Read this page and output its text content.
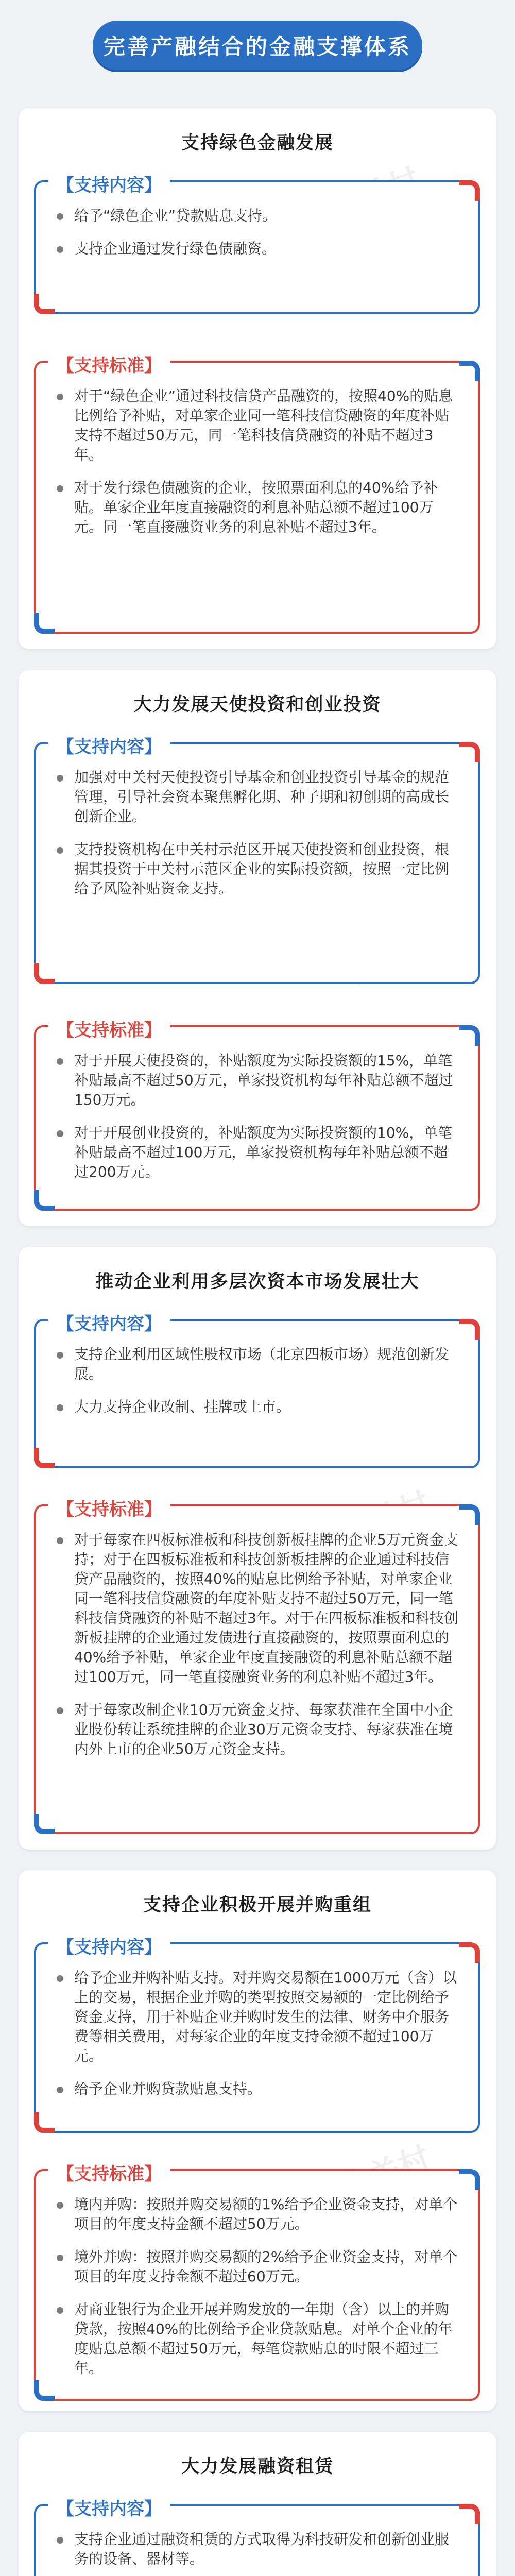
完善产融结合的金融支撑体系
支持绿色金融发展
【支持内容】
给予“绿色企业”贷款贴息支持。
支持企业通过发行绿色债融资。
【支持标准】
对于“绿色企业”通过科技信贷产品融资的，按照40%的贴息比例给予补贴，对单家企业同一笔科技信贷融资的年度补贴支持不超过50万元，同一笔科技信贷融资的补贴不超过3年。
对于发行绿色债融资的企业，按照票面利息的40%给予补贴。单家企业年度直接融资的利息补贴总额不超过100万元。同一笔直接融资业务的利息补贴不超过3年。
大力发展天使投资和创业投资
【支持内容】
加强对中关村天使投资引导基金和创业投资引导基金的规范管理，引导社会资本聚焦孵化期、种子期和初创期的高成长创新企业。
支持投资机构在中关村示范区开展天使投资和创业投资，根据其投资于中关村示范区企业的实际投资额，按照一定比例给予风险补贴资金支持。
【支持标准】
对于开展天使投资的，补贴额度为实际投资额的15%，单笔补贴最高不超过50万元，单家投资机构每年补贴总额不超过150万元。
对于开展创业投资的，补贴额度为实际投资额的10%，单笔补贴最高不超过100万元，单家投资机构每年补贴总额不超过200万元。
推动企业利用多层次资本市场发展壮大
【支持内容】
支持企业利用区域性股权市场（北京四板市场）规范创新发展。
大力支持企业改制、挂牌或上市。
【支持标准】
对于每家在四板标准板和科技创新板挂牌的企业5万元资金支持；对于在四板标准板和科技创新板挂牌的企业通过科技信贷产品融资的，按照40%的贴息比例给予补贴，对单家企业同一笔科技信贷融资的年度补贴支持不超过50万元，同一笔科技信贷融资的补贴不超过3年。对于在四板标准板和科技创新板挂牌的企业通过发债进行直接融资的，按照票面利息的40%给予补贴，单家企业年度直接融资的利息补贴总额不超过100万元，同一笔直接融资业务的利息补贴不超过3年。
对于每家改制企业10万元资金支持、每家获准在全国中小企业股份转让系统挂牌的企业30万元资金支持、每家获准在境内外上市的企业50万元资金支持。
支持企业积极开展并购重组
【支持内容】
给予企业并购补贴支持。对并购交易额在1000万元（含）以上的交易，根据企业并购的类型按照交易额的一定比例给予资金支持，用于补贴企业并购时发生的法律、财务中介服务费等相关费用，对每家企业的年度支持金额不超过100万元。
给予企业并购贷款贴息支持。
【支持标准】
境内并购：按照并购交易额的1%给予企业资金支持，对单个项目的年度支持金额不超过50万元。
境外并购：按照并购交易额的2%给予企业资金支持，对单个项目的年度支持金额不超过60万元。
对商业银行为企业开展并购发放的一年期（含）以上的并购贷款，按照40%的比例给予企业贷款贴息。对单个企业的年度贴息总额不超过50万元，每笔贷款贴息的时限不超过三年。
大力发展融资租赁
【支持内容】
支持企业通过融资租赁的方式取得为科技研发和创新创业服务的设备、器材等。
